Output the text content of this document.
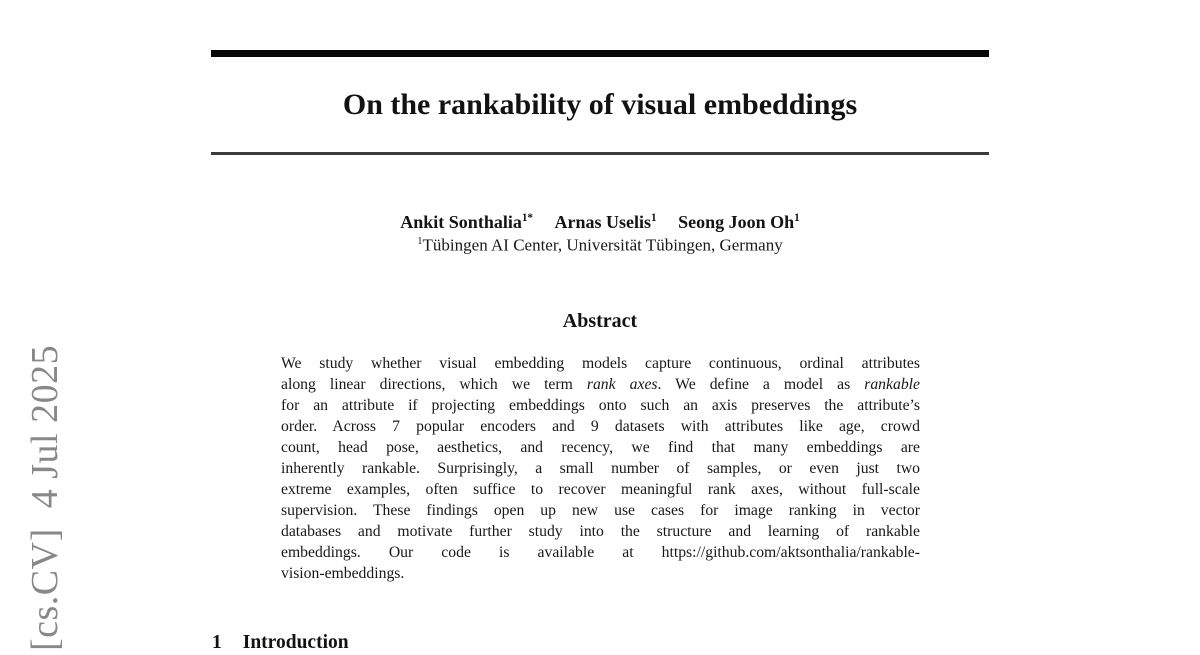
[cs.CV]  4 Jul 2025
On the rankability of visual embeddings
Ankit Sonthalia$^{1*}$ Arnas Uselis$^1$ Seong Joon Oh$^1$
$^1$Tübingen AI Center, Universität Tübingen, Germany
Abstract
We study whether visual embedding models capture continuous, ordinal attributes
along linear directions, which we term rank axes. We define a model as rankable
for an attribute if projecting embeddings onto such an axis preserves the attribute’s
order. Across 7 popular encoders and 9 datasets with attributes like age, crowd
count, head pose, aesthetics, and recency, we find that many embeddings are
inherently rankable. Surprisingly, a small number of samples, or even just two
extreme examples, often suffice to recover meaningful rank axes, without full-scale
supervision. These findings open up new use cases for image ranking in vector
databases and motivate further study into the structure and learning of rankable
embeddings. Our code is available at https://github.com/aktsonthalia/rankable-
vision-embeddings.
1 Introduction
